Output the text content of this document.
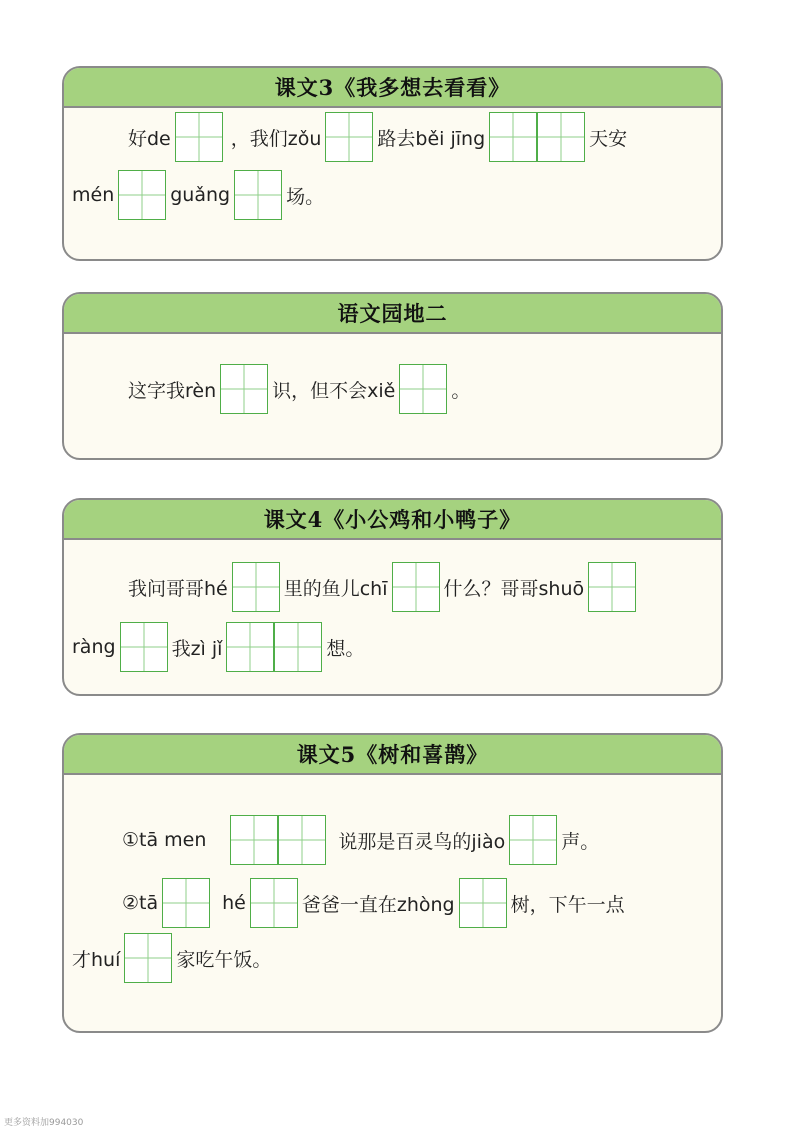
课文3《我多想去看看》
好de	，我们zǒu	路去běi jīng	天安
mén	guǎng	场。
语文园地二
这字我rèn	识，但不会xiě	。
课文4《小公鸡和小鸭子》
我问哥哥hé	里的鱼儿chī	什么？哥哥shuō
ràng	我zì jǐ	想。
课文5《树和喜鹊》
①tā men	说那是百灵鸟的jiào	声。
②tā	hé	爸爸一直在zhòng	树，下午一点
才huí	家吃午饭。
更多资料加994030
